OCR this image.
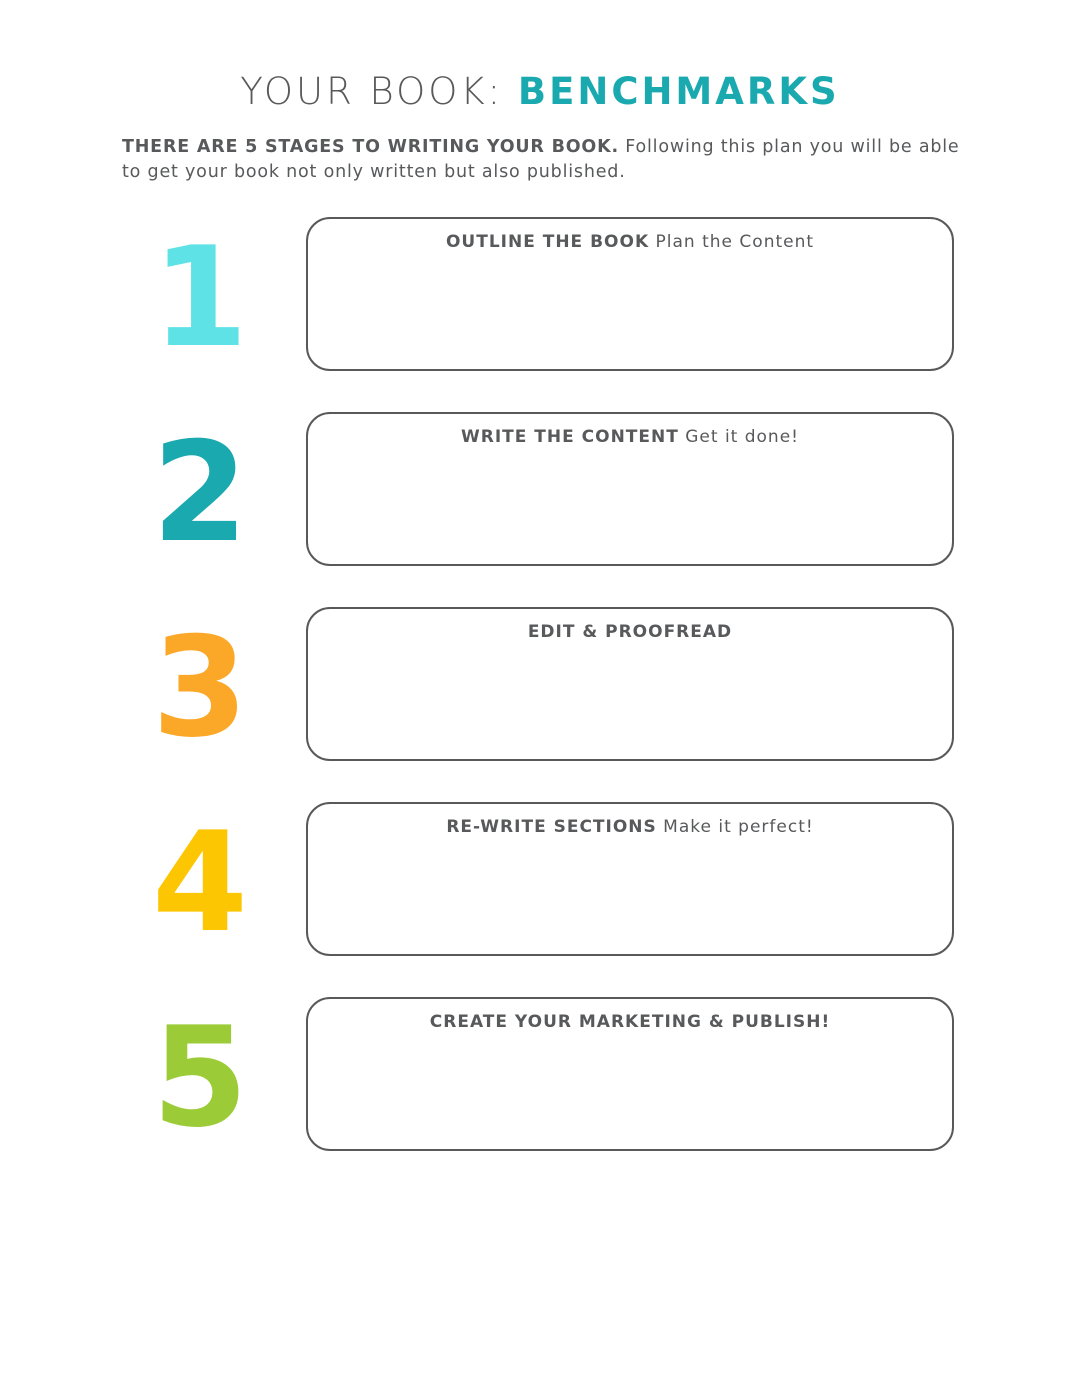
YOUR BOOK: BENCHMARKS
THERE ARE 5 STAGES TO WRITING YOUR BOOK. Following this plan you will be able to get your book not only written but also published.
1	OUTLINE THE BOOK Plan the Content
2	WRITE THE CONTENT Get it done!
3	EDIT & PROOFREAD
4	RE-WRITE SECTIONS Make it perfect!
5	CREATE YOUR MARKETING & PUBLISH!
